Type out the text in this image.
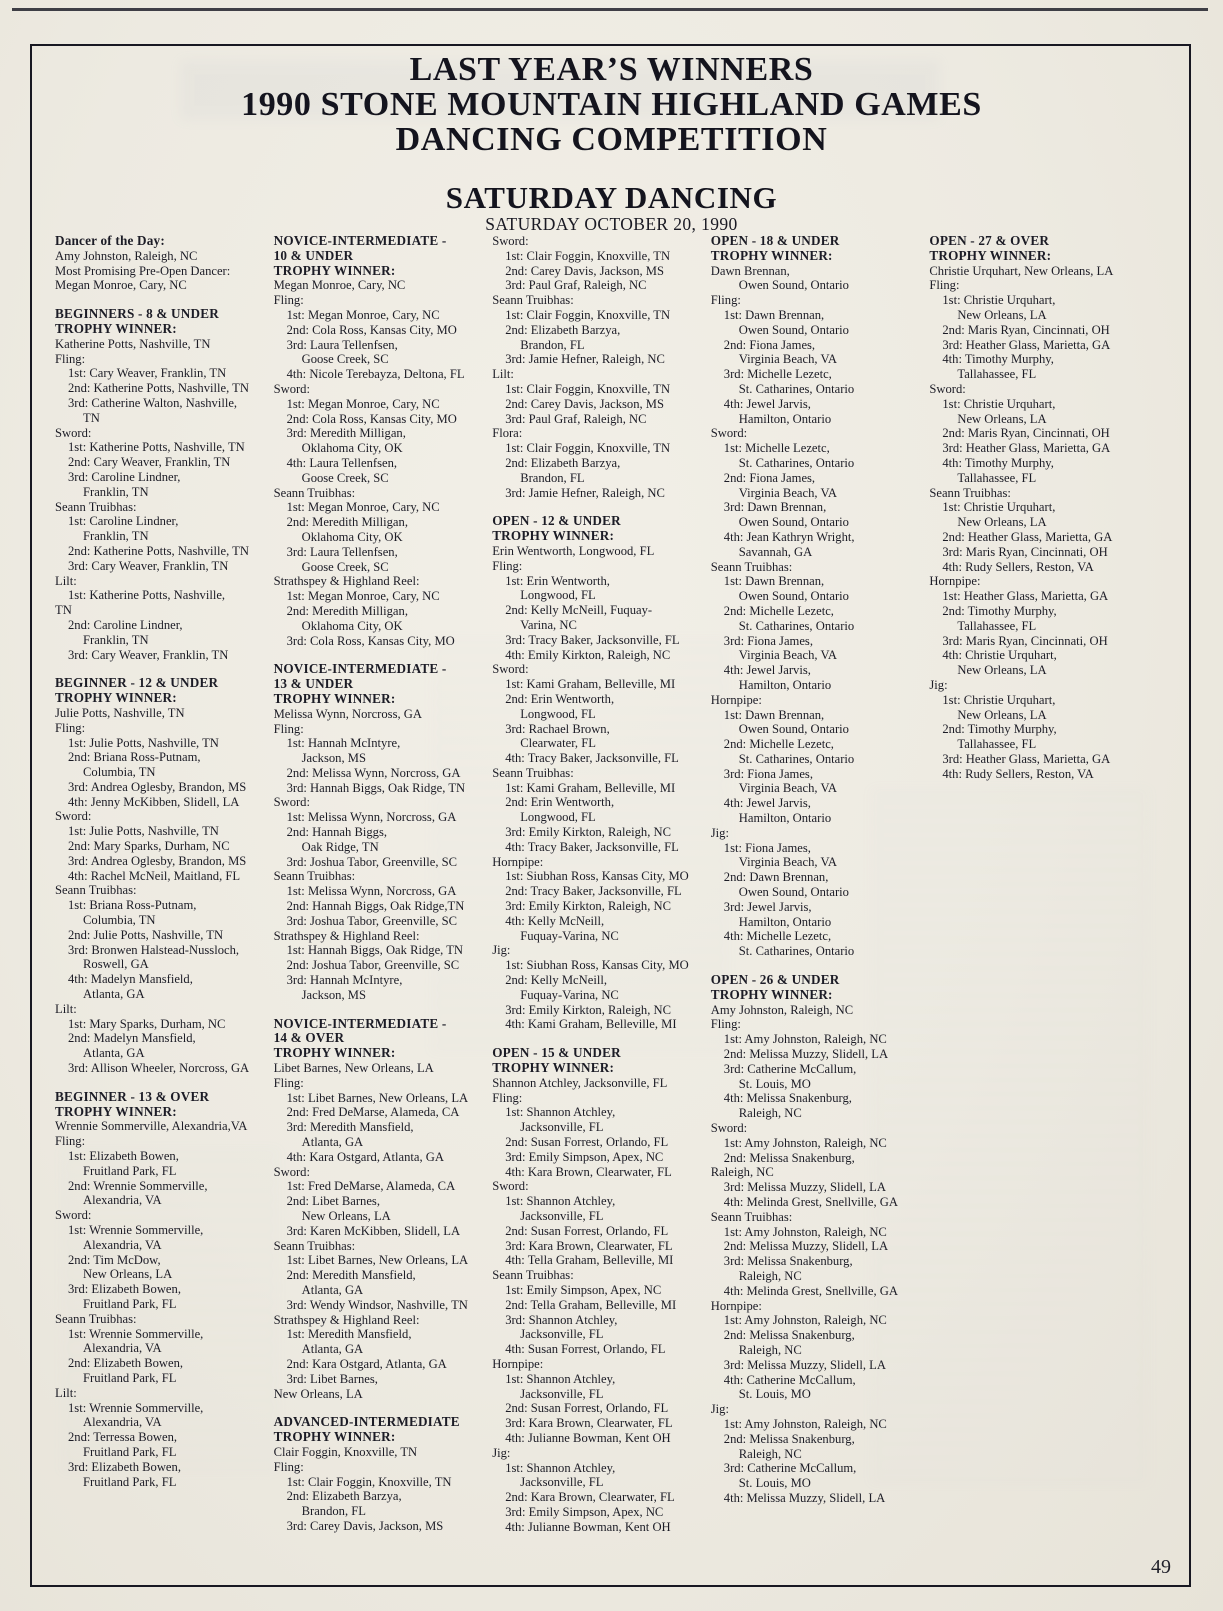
LAST YEAR’S WINNERS
1990 STONE MOUNTAIN HIGHLAND GAMES
DANCING COMPETITION
SATURDAY DANCING
SATURDAY OCTOBER 20, 1990
Dancer of the Day:
Amy Johnston, Raleigh, NC
Most Promising Pre-Open Dancer:
Megan Monroe, Cary, NC
BEGINNERS - 8 & UNDER
TROPHY WINNER:
Katherine Potts, Nashville, TN
Fling:
1st: Cary Weaver, Franklin, TN
2nd: Katherine Potts, Nashville, TN
3rd: Catherine Walton, Nashville,
TN
Sword:
1st: Katherine Potts, Nashville, TN
2nd: Cary Weaver, Franklin, TN
3rd: Caroline Lindner,
Franklin, TN
Seann Truibhas:
1st: Caroline Lindner,
Franklin, TN
2nd: Katherine Potts, Nashville, TN
3rd: Cary Weaver, Franklin, TN
Lilt:
1st: Katherine Potts, Nashville,
TN
2nd: Caroline Lindner,
Franklin, TN
3rd: Cary Weaver, Franklin, TN
BEGINNER - 12 & UNDER
TROPHY WINNER:
Julie Potts, Nashville, TN
Fling:
1st: Julie Potts, Nashville, TN
2nd: Briana Ross-Putnam,
Columbia, TN
3rd: Andrea Oglesby, Brandon, MS
4th: Jenny McKibben, Slidell, LA
Sword:
1st: Julie Potts, Nashville, TN
2nd: Mary Sparks, Durham, NC
3rd: Andrea Oglesby, Brandon, MS
4th: Rachel McNeil, Maitland, FL
Seann Truibhas:
1st: Briana Ross-Putnam,
Columbia, TN
2nd: Julie Potts, Nashville, TN
3rd: Bronwen Halstead-Nussloch,
Roswell, GA
4th: Madelyn Mansfield,
Atlanta, GA
Lilt:
1st: Mary Sparks, Durham, NC
2nd: Madelyn Mansfield,
Atlanta, GA
3rd: Allison Wheeler, Norcross, GA
BEGINNER - 13 & OVER
TROPHY WINNER:
Wrennie Sommerville, Alexandria,VA
Fling:
1st: Elizabeth Bowen,
Fruitland Park, FL
2nd: Wrennie Sommerville,
Alexandria, VA
Sword:
1st: Wrennie Sommerville,
Alexandria, VA
2nd: Tim McDow,
New Orleans, LA
3rd: Elizabeth Bowen,
Fruitland Park, FL
Seann Truibhas:
1st: Wrennie Sommerville,
Alexandria, VA
2nd: Elizabeth Bowen,
Fruitland Park, FL
Lilt:
1st: Wrennie Sommerville,
Alexandria, VA
2nd: Terressa Bowen,
Fruitland Park, FL
3rd: Elizabeth Bowen,
Fruitland Park, FL
NOVICE-INTERMEDIATE -
10 & UNDER
TROPHY WINNER:
Megan Monroe, Cary, NC
Fling:
1st: Megan Monroe, Cary, NC
2nd: Cola Ross, Kansas City, MO
3rd: Laura Tellenfsen,
Goose Creek, SC
4th: Nicole Terebayza, Deltona, FL
Sword:
1st: Megan Monroe, Cary, NC
2nd: Cola Ross, Kansas City, MO
3rd: Meredith Milligan,
Oklahoma City, OK
4th: Laura Tellenfsen,
Goose Creek, SC
Seann Truibhas:
1st: Megan Monroe, Cary, NC
2nd: Meredith Milligan,
Oklahoma City, OK
3rd: Laura Tellenfsen,
Goose Creek, SC
Strathspey & Highland Reel:
1st: Megan Monroe, Cary, NC
2nd: Meredith Milligan,
Oklahoma City, OK
3rd: Cola Ross, Kansas City, MO
NOVICE-INTERMEDIATE -
13 & UNDER
TROPHY WINNER:
Melissa Wynn, Norcross, GA
Fling:
1st: Hannah McIntyre,
Jackson, MS
2nd: Melissa Wynn, Norcross, GA
3rd: Hannah Biggs, Oak Ridge, TN
Sword:
1st: Melissa Wynn, Norcross, GA
2nd: Hannah Biggs,
Oak Ridge, TN
3rd: Joshua Tabor, Greenville, SC
Seann Truibhas:
1st: Melissa Wynn, Norcross, GA
2nd: Hannah Biggs, Oak Ridge,TN
3rd: Joshua Tabor, Greenville, SC
Strathspey & Highland Reel:
1st: Hannah Biggs, Oak Ridge, TN
2nd: Joshua Tabor, Greenville, SC
3rd: Hannah McIntyre,
Jackson, MS
NOVICE-INTERMEDIATE -
14 & OVER
TROPHY WINNER:
Libet Barnes, New Orleans, LA
Fling:
1st: Libet Barnes, New Orleans, LA
2nd: Fred DeMarse, Alameda, CA
3rd: Meredith Mansfield,
Atlanta, GA
4th: Kara Ostgard, Atlanta, GA
Sword:
1st: Fred DeMarse, Alameda, CA
2nd: Libet Barnes,
New Orleans, LA
3rd: Karen McKibben, Slidell, LA
Seann Truibhas:
1st: Libet Barnes, New Orleans, LA
2nd: Meredith Mansfield,
Atlanta, GA
3rd: Wendy Windsor, Nashville, TN
Strathspey & Highland Reel:
1st: Meredith Mansfield,
Atlanta, GA
2nd: Kara Ostgard, Atlanta, GA
3rd: Libet Barnes,
New Orleans, LA
ADVANCED-INTERMEDIATE
TROPHY WINNER:
Clair Foggin, Knoxville, TN
Fling:
1st: Clair Foggin, Knoxville, TN
2nd: Elizabeth Barzya,
Brandon, FL
3rd: Carey Davis, Jackson, MS
Sword:
1st: Clair Foggin, Knoxville, TN
2nd: Carey Davis, Jackson, MS
3rd: Paul Graf, Raleigh, NC
Seann Truibhas:
1st: Clair Foggin, Knoxville, TN
2nd: Elizabeth Barzya,
Brandon, FL
3rd: Jamie Hefner, Raleigh, NC
Lilt:
1st: Clair Foggin, Knoxville, TN
2nd: Carey Davis, Jackson, MS
3rd: Paul Graf, Raleigh, NC
Flora:
1st: Clair Foggin, Knoxville, TN
2nd: Elizabeth Barzya,
Brandon, FL
3rd: Jamie Hefner, Raleigh, NC
OPEN - 12 & UNDER
TROPHY WINNER:
Erin Wentworth, Longwood, FL
Fling:
1st: Erin Wentworth,
Longwood, FL
2nd: Kelly McNeill, Fuquay-
Varina, NC
3rd: Tracy Baker, Jacksonville, FL
4th: Emily Kirkton, Raleigh, NC
Sword:
1st: Kami Graham, Belleville, MI
2nd: Erin Wentworth,
Longwood, FL
3rd: Rachael Brown,
Clearwater, FL
4th: Tracy Baker, Jacksonville, FL
Seann Truibhas:
1st: Kami Graham, Belleville, MI
2nd: Erin Wentworth,
Longwood, FL
3rd: Emily Kirkton, Raleigh, NC
4th: Tracy Baker, Jacksonville, FL
Hornpipe:
1st: Siubhan Ross, Kansas City, MO
2nd: Tracy Baker, Jacksonville, FL
3rd: Emily Kirkton, Raleigh, NC
4th: Kelly McNeill,
Fuquay-Varina, NC
Jig:
1st: Siubhan Ross, Kansas City, MO
2nd: Kelly McNeill,
Fuquay-Varina, NC
3rd: Emily Kirkton, Raleigh, NC
4th: Kami Graham, Belleville, MI
OPEN - 15 & UNDER
TROPHY WINNER:
Shannon Atchley, Jacksonville, FL
Fling:
1st: Shannon Atchley,
Jacksonville, FL
2nd: Susan Forrest, Orlando, FL
3rd: Emily Simpson, Apex, NC
4th: Kara Brown, Clearwater, FL
Sword:
1st: Shannon Atchley,
Jacksonville, FL
2nd: Susan Forrest, Orlando, FL
3rd: Kara Brown, Clearwater, FL
4th: Tella Graham, Belleville, MI
Seann Truibhas:
1st: Emily Simpson, Apex, NC
2nd: Tella Graham, Belleville, MI
3rd: Shannon Atchley,
Jacksonville, FL
4th: Susan Forrest, Orlando, FL
Hornpipe:
1st: Shannon Atchley,
Jacksonville, FL
2nd: Susan Forrest, Orlando, FL
3rd: Kara Brown, Clearwater, FL
4th: Julianne Bowman, Kent OH
Jig:
1st: Shannon Atchley,
Jacksonville, FL
2nd: Kara Brown, Clearwater, FL
3rd: Emily Simpson, Apex, NC
4th: Julianne Bowman, Kent OH
OPEN - 18 & UNDER
TROPHY WINNER:
Dawn Brennan,
Owen Sound, Ontario
Fling:
1st: Dawn Brennan,
Owen Sound, Ontario
2nd: Fiona James,
Virginia Beach, VA
3rd: Michelle Lezetc,
St. Catharines, Ontario
4th: Jewel Jarvis,
Hamilton, Ontario
Sword:
1st: Michelle Lezetc,
St. Catharines, Ontario
2nd: Fiona James,
Virginia Beach, VA
3rd: Dawn Brennan,
Owen Sound, Ontario
4th: Jean Kathryn Wright,
Savannah, GA
Seann Truibhas:
1st: Dawn Brennan,
Owen Sound, Ontario
2nd: Michelle Lezetc,
St. Catharines, Ontario
3rd: Fiona James,
Virginia Beach, VA
4th: Jewel Jarvis,
Hamilton, Ontario
Hornpipe:
1st: Dawn Brennan,
Owen Sound, Ontario
2nd: Michelle Lezetc,
St. Catharines, Ontario
3rd: Fiona James,
Virginia Beach, VA
4th: Jewel Jarvis,
Hamilton, Ontario
Jig:
1st: Fiona James,
Virginia Beach, VA
2nd: Dawn Brennan,
Owen Sound, Ontario
3rd: Jewel Jarvis,
Hamilton, Ontario
4th: Michelle Lezetc,
St. Catharines, Ontario
OPEN - 26 & UNDER
TROPHY WINNER:
Amy Johnston, Raleigh, NC
Fling:
1st: Amy Johnston, Raleigh, NC
2nd: Melissa Muzzy, Slidell, LA
3rd: Catherine McCallum,
St. Louis, MO
4th: Melissa Snakenburg,
Raleigh, NC
Sword:
1st: Amy Johnston, Raleigh, NC
2nd: Melissa Snakenburg,
Raleigh, NC
3rd: Melissa Muzzy, Slidell, LA
4th: Melinda Grest, Snellville, GA
Seann Truibhas:
1st: Amy Johnston, Raleigh, NC
2nd: Melissa Muzzy, Slidell, LA
3rd: Melissa Snakenburg,
Raleigh, NC
4th: Melinda Grest, Snellville, GA
Hornpipe:
1st: Amy Johnston, Raleigh, NC
2nd: Melissa Snakenburg,
Raleigh, NC
3rd: Melissa Muzzy, Slidell, LA
4th: Catherine McCallum,
St. Louis, MO
Jig:
1st: Amy Johnston, Raleigh, NC
2nd: Melissa Snakenburg,
Raleigh, NC
3rd: Catherine McCallum,
St. Louis, MO
4th: Melissa Muzzy, Slidell, LA
OPEN - 27 & OVER
TROPHY WINNER:
Christie Urquhart, New Orleans, LA
Fling:
1st: Christie Urquhart,
New Orleans, LA
2nd: Maris Ryan, Cincinnati, OH
3rd: Heather Glass, Marietta, GA
4th: Timothy Murphy,
Tallahassee, FL
Sword:
1st: Christie Urquhart,
New Orleans, LA
2nd: Maris Ryan, Cincinnati, OH
3rd: Heather Glass, Marietta, GA
4th: Timothy Murphy,
Tallahassee, FL
Seann Truibhas:
1st: Christie Urquhart,
New Orleans, LA
2nd: Heather Glass, Marietta, GA
3rd: Maris Ryan, Cincinnati, OH
4th: Rudy Sellers, Reston, VA
Hornpipe:
1st: Heather Glass, Marietta, GA
2nd: Timothy Murphy,
Tallahassee, FL
3rd: Maris Ryan, Cincinnati, OH
4th: Christie Urquhart,
New Orleans, LA
Jig:
1st: Christie Urquhart,
New Orleans, LA
2nd: Timothy Murphy,
Tallahassee, FL
3rd: Heather Glass, Marietta, GA
4th: Rudy Sellers, Reston, VA
49
